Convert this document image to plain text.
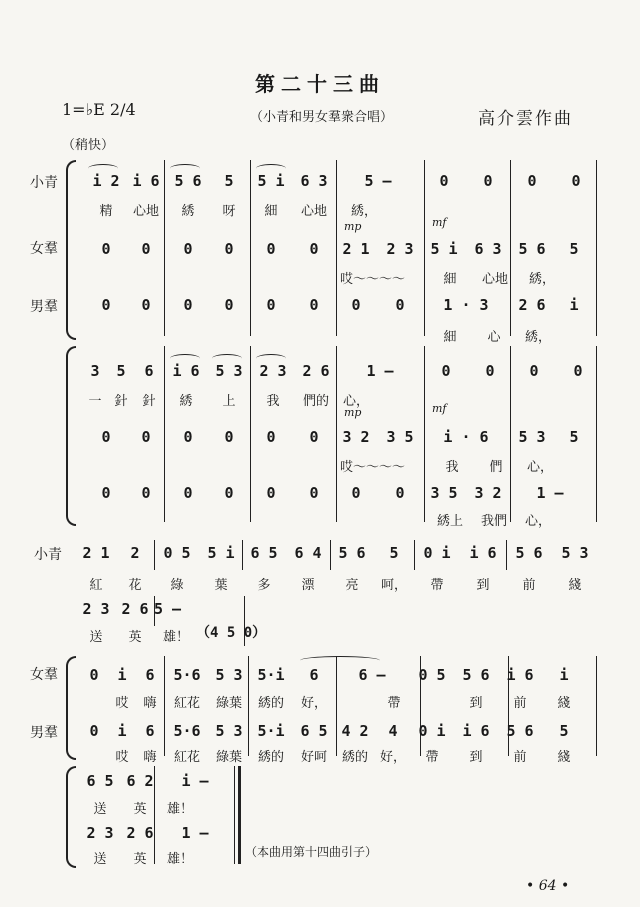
第二十三曲
1=♭E 2/4	（小青和男女羣衆合唱）	高介雲作曲
（稍快）
小青
女羣
男羣
i 2 i 6 5 6	5	5 i	6 3	5 —	0	0	0	0
精	心地	綉	呀	細	心地	綉，
mp	mf
0	0	0	0	0	0	2 1	2 3	5 i	6 3	5 6	5
哎～～～～	細	心地	綉，
0	0	0	0	0	0	0	0	1 · 3	2 6	i
細	心	綉，
3	5	6	i 6	5 3	2 3	2 6	1 —	0	0	0	0
一 針	針	綉	上	我	們的	心，
mp	mf
0	0	0	0	0	0	3 2	3 5	i · 6	5 3	5
哎～～～～	我	們	心，
0	0	0	0	0	0	0	0	3 5	3 2	1 —
綉上	我們	心，
小青	2 1	2	0 5	5 i	6 5	6 4	5 6	5	0 i	i 6	5 6	5 3
紅	花	綠	葉	多	漂	亮	呵，	帶	到	前	綫
2 3 2 6 5 —
送	英	雄！ （4 5 0）
女羣
男羣
0	i	6	5·6 5 3 5·i	6	6 —	0 5	5 6	i 6	i
哎	嗨	紅花	綠葉	綉的	好，	帶	到	前	綫
0	i	6	5·6 5 3 5·i	6 5 4 2	4	0 i	i 6	5 6	5
哎	嗨	紅花	綠葉	綉的	好呵	綉的 好，	帶	到	前	綫
6 5 6 2	i —
送	英	雄！
2 3 2 6	1 —
送	英	雄！	（本曲用第十四曲引子）
• 64 •
